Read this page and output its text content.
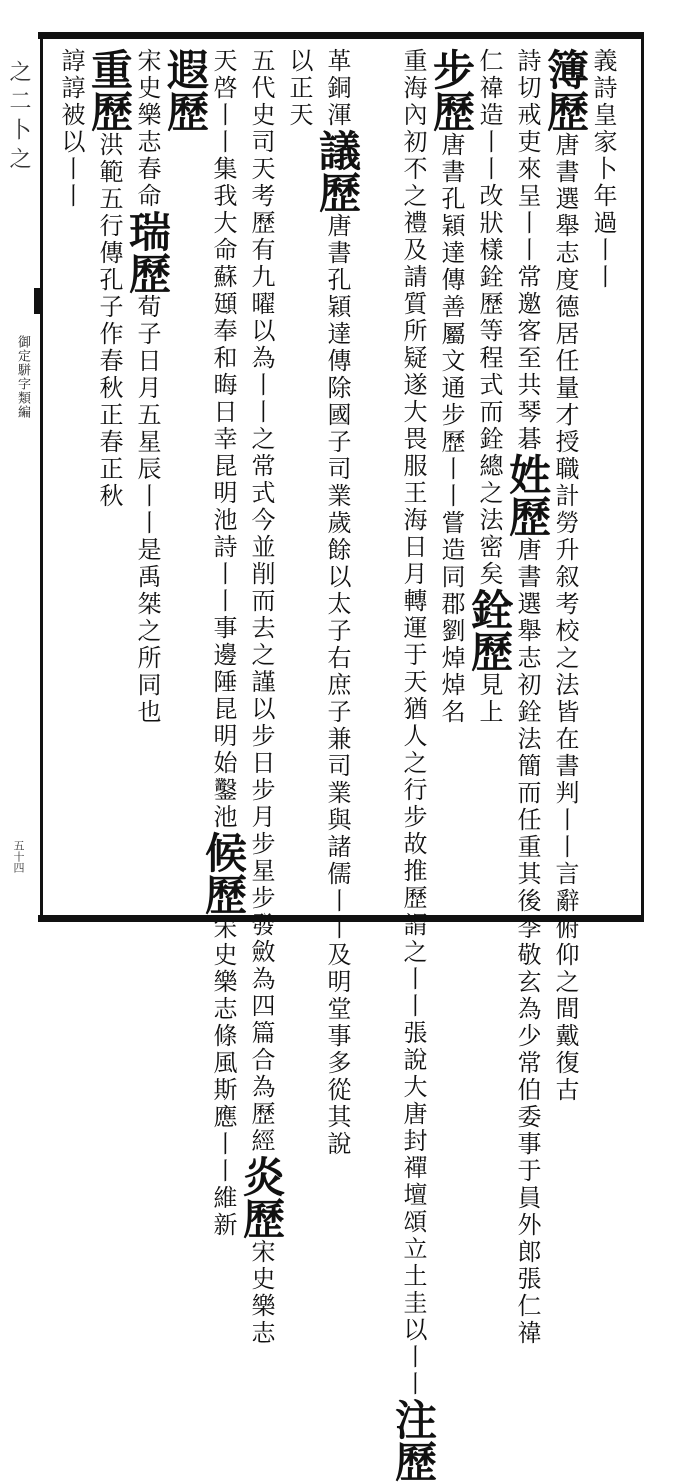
之 二 卜 之
御定駢字類編
五十四
義詩皇家卜年過丨丨
簿歷唐書選舉志度德居任量才授職計勞升叙考校之法皆在書判丨丨言辭俯仰之間戴復古
詩切戒吏來呈丨丨常邀客至共琴碁姓歷唐書選舉志初銓法簡而任重其後李敬玄為少常伯委事于員外郎張仁禕
仁禕造丨丨改狀樣銓歷等程式而銓總之法密矣銓歷見上
步歷唐書孔穎達傳善屬文通步歷丨丨嘗造同郡劉焯焯名
重海內初不之禮及請質所疑遂大畏服王海日月轉運于天猶人之行步故推歷謂之丨丨張說大唐封禪壇頌立土圭以丨丨注歷
革銅渾議歷唐書孔穎達傳除國子司業歲餘以太子右庶子兼司業與諸儒丨丨及明堂事多從其說
以正天
五代史司天考歷有九曜以為丨丨之常式今並削而去之謹以步日步月步星步發斂為四篇合為歷經炎歷宋史樂志
天啓丨丨集我大命蘇頲奉和晦日幸昆明池詩丨丨事邊陲昆明始鑿池候歷宋史樂志條風斯應丨丨維新
遐歷
宋史樂志春命瑞歷荀子日月五星辰丨丨是禹桀之所同也
重歷洪範五行傳孔子作春秋正春正秋
諄諄被以丨丨
